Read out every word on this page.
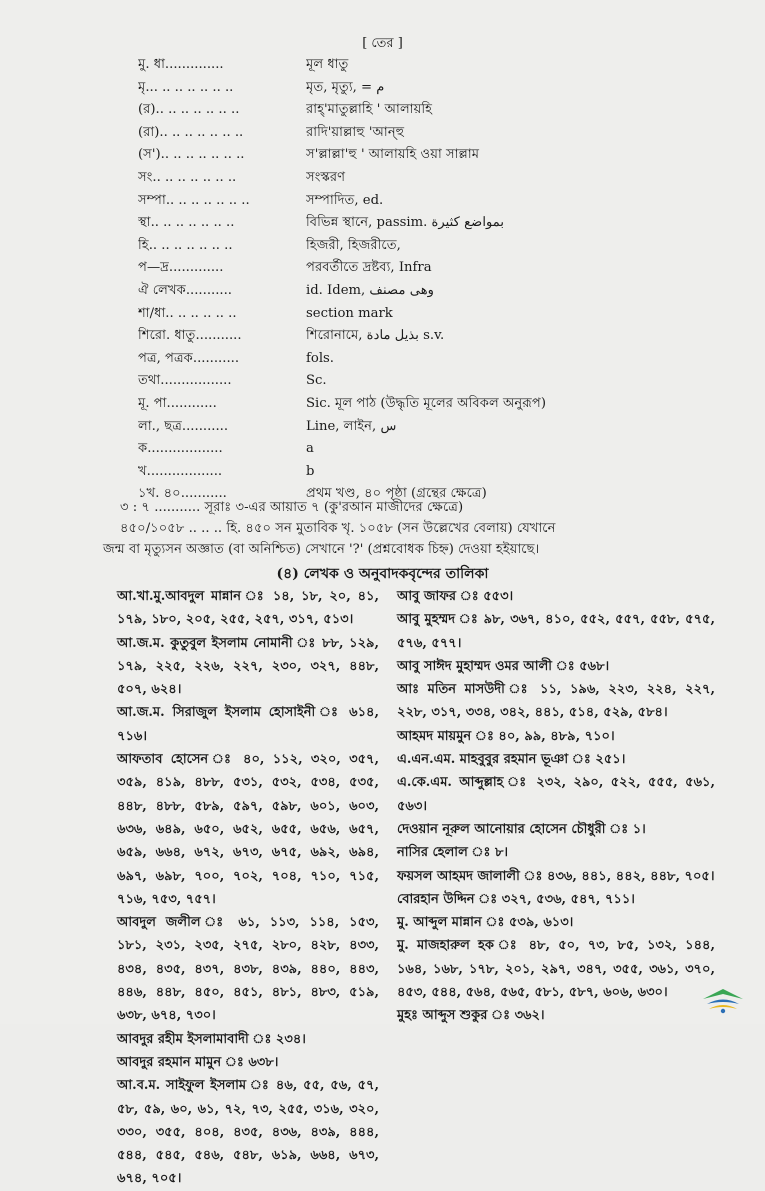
[ তের ]
মু. ধা..............	মূল ধাতু
মৃ... .. .. .. .. .. ..	মৃত, মৃত্যু, = م
(র).. .. .. .. .. .. ..	রাহ্‌'মাতুল্লাহি ' আলায়হি
(রা).. .. .. .. .. .. ..	রাদি'য়াল্লাহু 'আন্‌হু
(স').. .. .. .. .. .. ..	স'ল্লাল্লা'হু ' আলায়হি ওয়া সাল্লাম
সং.. .. .. .. .. .. ..	সংস্করণ
সম্পা.. .. .. .. .. .. ..	সম্পাদিত, ed.
স্থা.. .. .. .. .. .. ..	বিভিন্ন স্থানে, passim. بمواضع كثيرة
হি.. .. .. .. .. .. ..	হিজরী, হিজরীতে,
প—দ্র.............	পরবর্তীতে দ্রষ্টব্য, Infra
ঐ লেখক...........	id. Idem, وهى مصنف
শা/ধা.. .. .. .. .. ..	section mark
শিরো. ধাতু...........	শিরোনামে, بذيل مادة s.v.
পত্র, পত্রক...........	fols.
তথা.................	Sc.
মূ. পা............	Sic. মূল পাঠ (উদ্ধৃতি মূলের অবিকল অনুরূপ)
লা., ছত্র...........	Line, লাইন, س
ক..................	a
খ..................	b
১খ. ৪০...........	প্রথম খণ্ড, ৪০ পৃষ্ঠা (গ্রন্থের ক্ষেত্রে)
৩ : ৭ ........... সূরাঃ ৩-এর আয়াত ৭ (কু'রআন মাজীদের ক্ষেত্রে)
৪৫০/১০৫৮ .. .. .. হি. ৪৫০ সন মুতাবিক খৃ. ১০৫৮ (সন উল্লেখের বেলায়) যেখানে
জন্ম বা মৃত্যুসন অজ্ঞাত (বা অনিশ্চিত) সেখানে '?' (প্রশ্নবোধক চিহ্ন) দেওয়া হইয়াছে।
(৪) লেখক ও অনুবাদকবৃন্দের তালিকা
আ.খা.মু.আবদুল মান্নান ঃ ১৪, ১৮, ২০, ৪১, ১৭৯, ১৮০, ২০৫, ২৫৫, ২৫৭, ৩১৭, ৫১৩।
আ.জ.ম. কুতুবুল ইসলাম নোমানী ঃ ৮৮, ১২৯, ১৭৯, ২২৫, ২২৬, ২২৭, ২৩০, ৩২৭, ৪৪৮, ৫০৭, ৬২৪।
আ.জ.ম. সিরাজুল ইসলাম হোসাইনী ঃ ৬১৪, ৭১৬।
আফতাব হোসেন ঃ ৪০, ১১২, ৩২০, ৩৫৭, ৩৫৯, ৪১৯, ৪৮৮, ৫৩১, ৫৩২, ৫৩৪, ৫৩৫, ৪৪৮, ৪৮৮, ৫৮৯, ৫৯৭, ৫৯৮, ৬০১, ৬০৩, ৬৩৬, ৬৪৯, ৬৫০, ৬৫২, ৬৫৫, ৬৫৬, ৬৫৭, ৬৫৯, ৬৬৪, ৬৭২, ৬৭৩, ৬৭৫, ৬৯২, ৬৯৪, ৬৯৭, ৬৯৮, ৭০০, ৭০২, ৭০৪, ৭১০, ৭১৫, ৭১৬, ৭৫৩, ৭৫৭।
আবদুল জলীল ঃ ৬১, ১১৩, ১১৪, ১৫৩, ১৮১, ২৩১, ২৩৫, ২৭৫, ২৮০, ৪২৮, ৪৩৩, ৪৩৪, ৪৩৫, ৪৩৭, ৪৩৮, ৪৩৯, ৪৪০, ৪৪৩, ৪৪৬, ৪৪৮, ৪৫০, ৪৫১, ৪৮১, ৪৮৩, ৫১৯, ৬৩৮, ৬৭৪, ৭৩০।
আবদুর রহীম ইসলামাবাদী ঃ ২৩৪।
আবদুর রহমান মামুন ঃ ৬৩৮।
আ.ব.ম. সাইফুল ইসলাম ঃ ৪৬, ৫৫, ৫৬, ৫৭, ৫৮, ৫৯, ৬০, ৬১, ৭২, ৭৩, ২৫৫, ৩১৬, ৩২০, ৩৩০, ৩৫৫, ৪০৪, ৪৩৫, ৪৩৬, ৪৩৯, ৪৪৪, ৫৪৪, ৫৪৫, ৫৪৬, ৫৪৮, ৬১৯, ৬৬৪, ৬৭৩, ৬৭৪, ৭০৫।
আবু জাফর ঃ ৫৫৩।
আবু মুহম্মদ ঃ ৯৮, ৩৬৭, ৪১০, ৫৫২, ৫৫৭, ৫৫৮, ৫৭৫, ৫৭৬, ৫৭৭।
আবু সাঈদ মুহাম্মদ ওমর আলী ঃ ৫৬৮।
আঃ মতিন মাসউদী ঃ ১১, ১৯৬, ২২৩, ২২৪, ২২৭, ২২৮, ৩১৭, ৩৩৪, ৩৪২, ৪৪১, ৫১৪, ৫২৯, ৫৮৪।
আহমদ মায়মুন ঃ ৪০, ৯৯, ৪৮৯, ৭১০।
এ.এন.এম. মাহবুবুর রহমান ভূঞা ঃ ২৫১।
এ.কে.এম. আব্দুল্লাহ ঃ ২৩২, ২৯০, ৫২২, ৫৫৫, ৫৬১, ৫৬৩।
দেওয়ান নূরুল আনোয়ার হোসেন চৌধুরী ঃ ১।
নাসির হেলাল ঃ ৮।
ফয়সল আহমদ জালালী ঃ ৪৩৬, ৪৪১, ৪৪২, ৪৪৮, ৭০৫।
বোরহান উদ্দিন ঃ ৩২৭, ৫৩৬, ৫৪৭, ৭১১।
মু. আব্দুল মান্নান ঃ ৫৩৯, ৬১৩।
মু. মাজহারুল হক ঃ ৪৮, ৫০, ৭৩, ৮৫, ১৩২, ১৪৪, ১৬৪, ১৬৮, ১৭৮, ২০১, ২৯৭, ৩৪৭, ৩৫৫, ৩৬১, ৩৭০, ৪৫৩, ৫৪৪, ৫৬৪, ৫৬৫, ৫৮১, ৫৮৭, ৬০৬, ৬৩০।
মুহঃ আব্দুস শুকুর ঃ ৩৬২।
